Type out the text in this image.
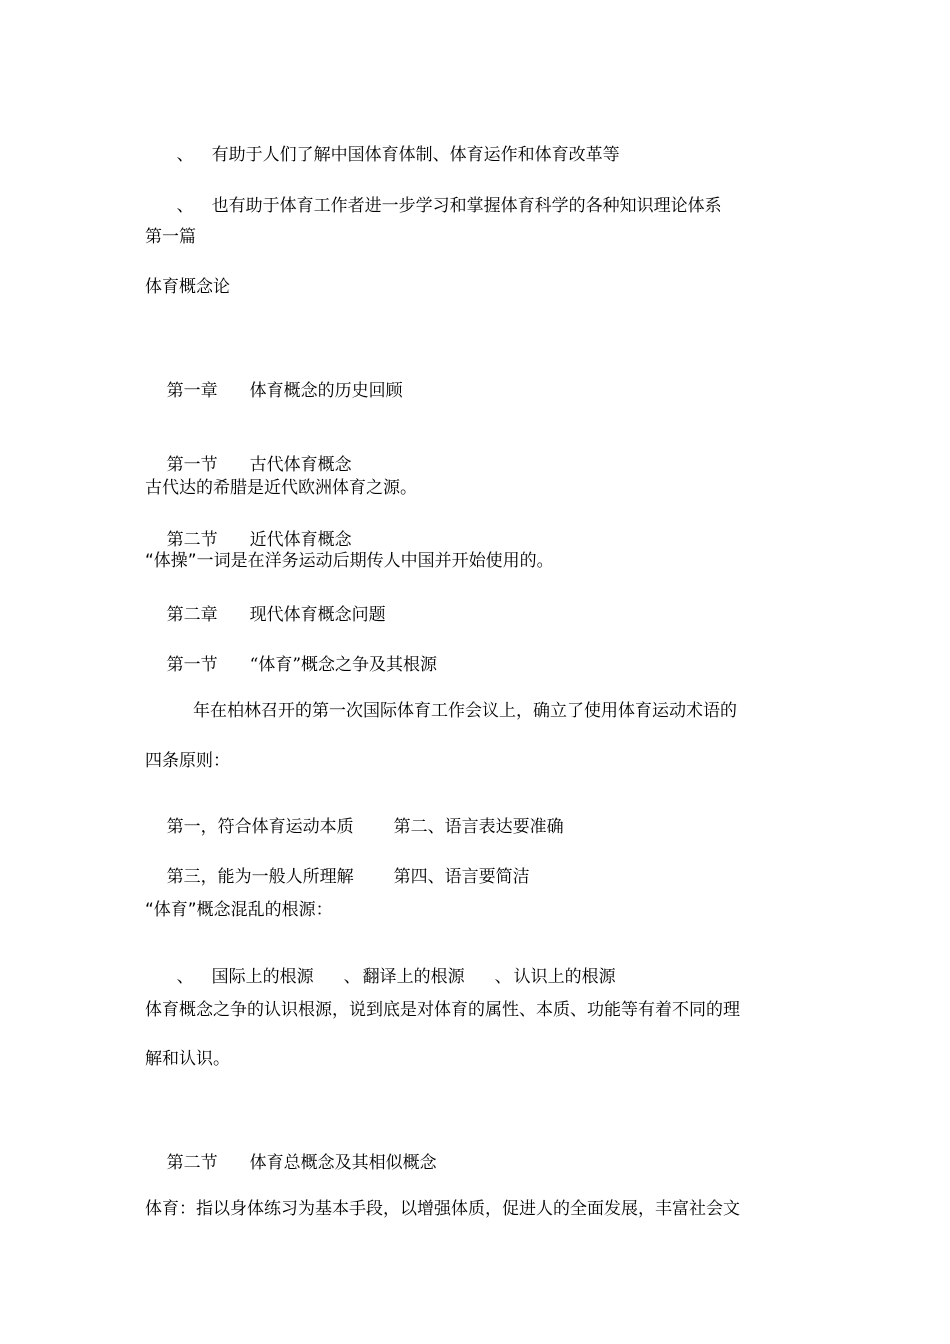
、 有助于人们了解中国体育体制、体育运作和体育改革等

、 也有助于体育工作者进一步学习和掌握体育科学的各种知识理论体系

第一篇
体育概念论

第一章 体育概念的历史回顾

第一节 古代体育概念

古代达的希腊是近代欧洲体育之源。

第二节 近代体育概念

“体操”一词是在洋务运动后期传人中国并开始使用的。

第二章 现代体育概念问题

第一节 “体育”概念之争及其根源

年在柏林召开的第一次国际体育工作会议上，确立了使用体育运动术语的
四条原则：

第一，符合体育运动本质 第二、语言表达要准确

第三，能为一般人所理解 第四、语言要简洁

“体育”概念混乱的根源：

、 国际上的根源 、 翻译上的根源 、 认识上的根源

体育概念之争的认识根源，说到底是对体育的属性、本质、功能等有着不同的理
解和认识。

第二节 体育总概念及其相似概念

体育：指以身体练习为基本手段，以增强体质，促进人的全面发展，丰富社会文
